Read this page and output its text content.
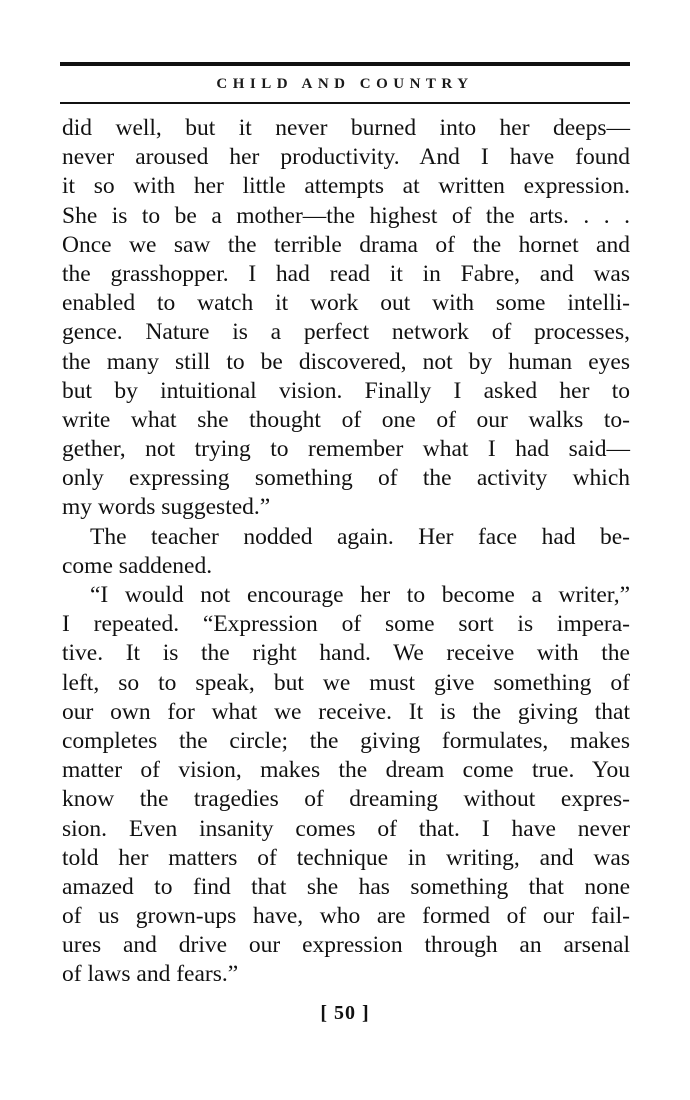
CHILD AND COUNTRY
did well, but it never burned into her deeps—
never aroused her productivity. And I have found
it so with her little attempts at written expression.
She is to be a mother—the highest of the arts. . . .
Once we saw the terrible drama of the hornet and
the grasshopper. I had read it in Fabre, and was
enabled to watch it work out with some intelli-
gence. Nature is a perfect network of processes,
the many still to be discovered, not by human eyes
but by intuitional vision. Finally I asked her to
write what she thought of one of our walks to-
gether, not trying to remember what I had said—
only expressing something of the activity which
my words suggested.”
The teacher nodded again. Her face had be-
come saddened.
“I would not encourage her to become a writer,”
I repeated. “Expression of some sort is impera-
tive. It is the right hand. We receive with the
left, so to speak, but we must give something of
our own for what we receive. It is the giving that
completes the circle; the giving formulates, makes
matter of vision, makes the dream come true. You
know the tragedies of dreaming without expres-
sion. Even insanity comes of that. I have never
told her matters of technique in writing, and was
amazed to find that she has something that none
of us grown-ups have, who are formed of our fail-
ures and drive our expression through an arsenal
of laws and fears.”
[ 50 ]
